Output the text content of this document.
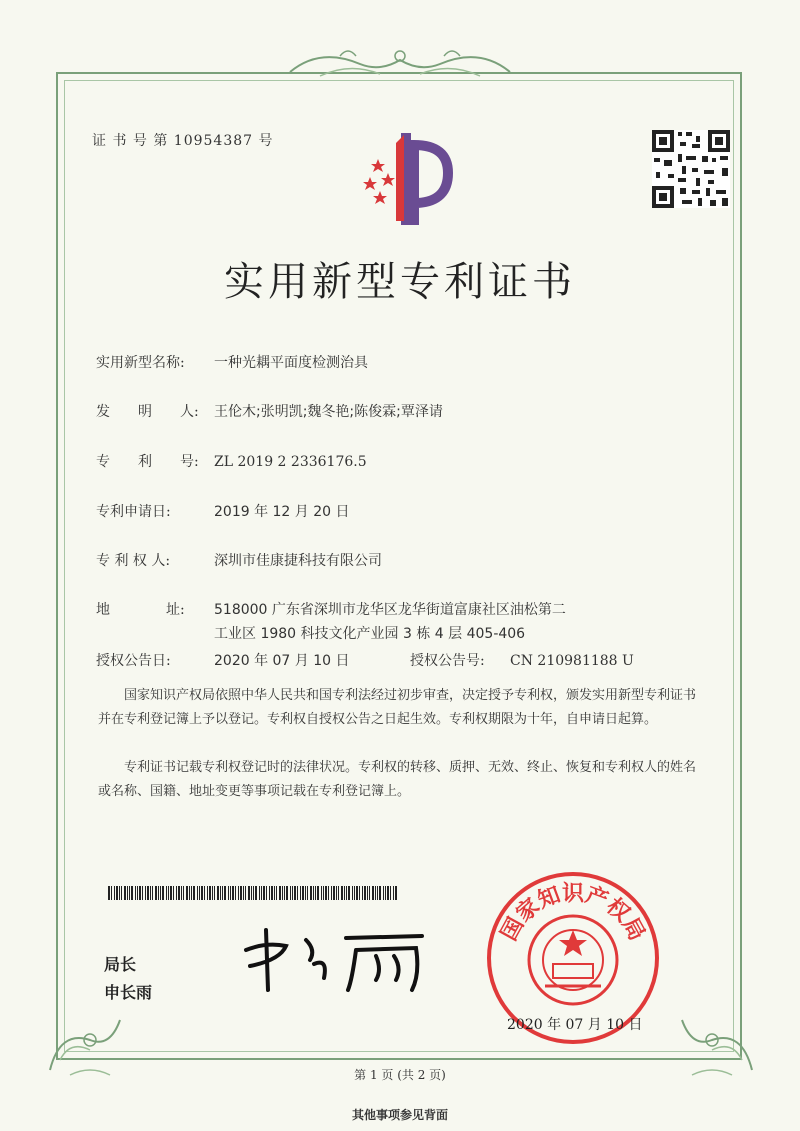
证 书 号 第 10954387 号
实用新型专利证书
实用新型名称: 一种光耦平面度检测治具
发　　明　　人: 王伦木;张明凯;魏冬艳;陈俊霖;覃泽请
专　　利　　号: ZL 2019 2 2336176.5
专利申请日:	2019 年 12 月 20 日
专 利 权 人:	深圳市佳康捷科技有限公司
地　　　　址: 518000 广东省深圳市龙华区龙华街道富康社区油松第二
工业区 1980 科技文化产业园 3 栋 4 层 405-406
授权公告日:	2020 年 07 月 10 日	授权公告号: CN 210981188 U
国家知识产权局依照中华人民共和国专利法经过初步审查，决定授予专利权，颁发实用新型专利证书并在专利登记簿上予以登记。专利权自授权公告之日起生效。专利权期限为十年，自申请日起算。
专利证书记载专利权登记时的法律状况。专利权的转移、质押、无效、终止、恢复和专利权人的姓名或名称、国籍、地址变更等事项记载在专利登记簿上。
局长
申长雨
国家知识产权局
2020 年 07 月 10 日
第 1 页 (共 2 页)
其他事项参见背面
